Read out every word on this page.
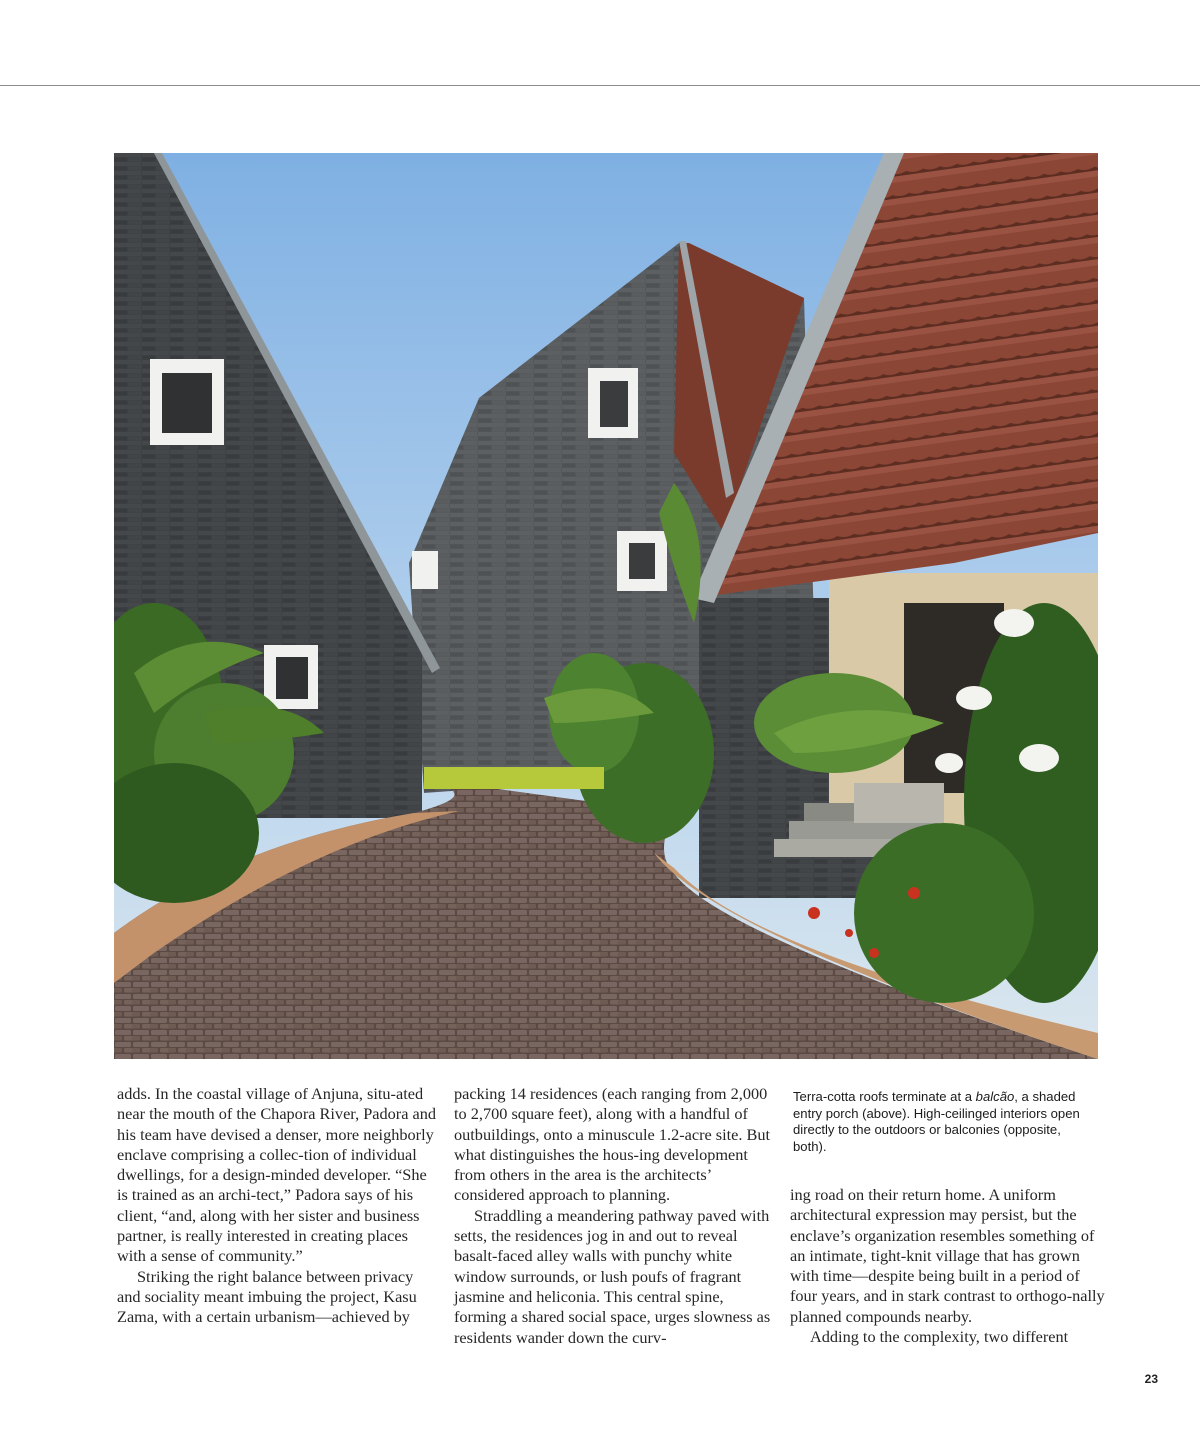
adds. In the coastal village of Anjuna, situ-ated near the mouth of the Chapora River, Padora and his team have devised a denser, more neighborly enclave comprising a collec-tion of individual dwellings, for a design-minded developer. “She is trained as an archi-tect,” Padora says of his client, “and, along with her sister and business partner, is really interested in creating places with a sense of community.”

Striking the right balance between privacy and sociality meant imbuing the project, Kasu Zama, with a certain urbanism—achieved by

packing 14 residences (each ranging from 2,000 to 2,700 square feet), along with a handful of outbuildings, onto a minuscule 1.2-acre site. But what distinguishes the hous-ing development from others in the area is the architects’ considered approach to planning.

Straddling a meandering pathway paved with setts, the residences jog in and out to reveal basalt-faced alley walls with punchy white window surrounds, or lush poufs of fragrant jasmine and heliconia. This central spine, forming a shared social space, urges slowness as residents wander down the curv-

Terra-cotta roofs terminate at a balcão, a shaded entry porch (above). High-ceilinged interiors open directly to the outdoors or balconies (opposite, both).

ing road on their return home. A uniform architectural expression may persist, but the enclave’s organization resembles something of an intimate, tight-knit village that has grown with time—despite being built in a period of four years, and in stark contrast to orthogo-nally planned compounds nearby.

Adding to the complexity, two different

23
